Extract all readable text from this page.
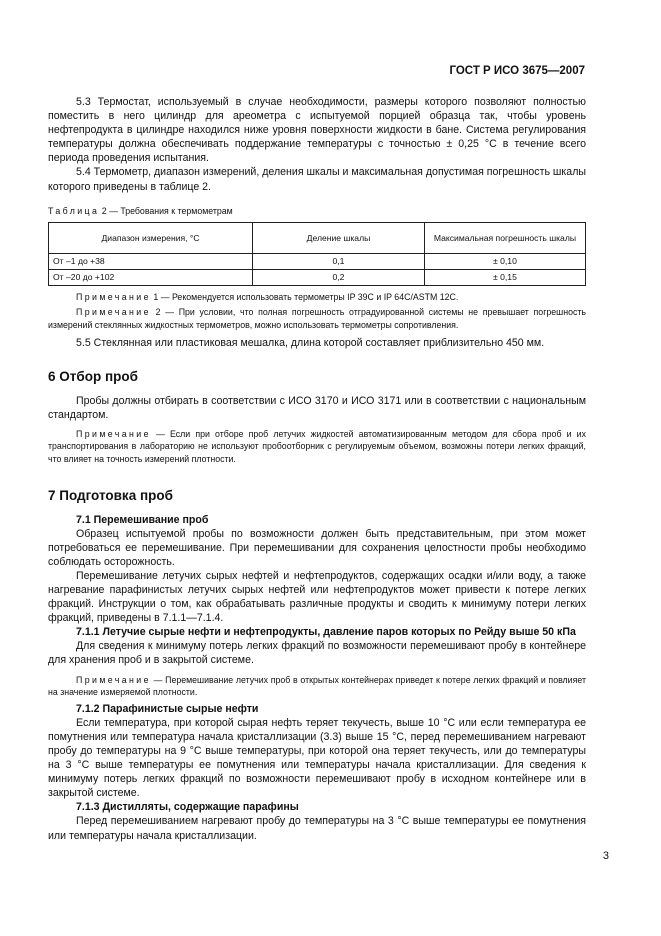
ГОСТ Р ИСО 3675—2007

5.3 Термостат, используемый в случае необходимости, размеры которого позволяют полностью поместить в него цилиндр для ареометра с испытуемой порцией образца так, чтобы уровень нефтепродукта в цилиндре находился ниже уровня поверхности жидкости в бане. Система регулирования температуры должна обеспечивать поддержание температуры с точностью ± 0,25 °С в течение всего периода проведения испытания.

5.4 Термометр, диапазон измерений, деления шкалы и максимальная допустимая погрешность шкалы которого приведены в таблице 2.

Таблица 2 — Требования к термометрам
Диапазон измерения, °С	Деление шкалы	Максимальная погрешность шкалы
От –1 до +38	0,1	± 0,10
От –20 до +102	0,2	± 0,15

Примечание 1 — Рекомендуется использовать термометры IP 39C и IP 64C/ASTM 12C.

Примечание 2 — При условии, что полная погрешность отградуированной системы не превышает погрешность измерений стеклянных жидкостных термометров, можно использовать термометры сопротивления.

5.5 Стеклянная или пластиковая мешалка, длина которой составляет приблизительно 450 мм.

6 Отбор проб

Пробы должны отбирать в соответствии с ИСО 3170 и ИСО 3171 или в соответствии с национальным стандартом.

Примечание — Если при отборе проб летучих жидкостей автоматизированным методом для сбора проб и их транспортирования в лабораторию не используют пробоотборник с регулируемым объемом, возможны потери легких фракций, что влияет на точность измерений плотности.

7 Подготовка проб

7.1 Перемешивание проб

Образец испытуемой пробы по возможности должен быть представительным, при этом может потребоваться ее перемешивание. При перемешивании для сохранения целостности пробы необходимо соблюдать осторожность.

Перемешивание летучих сырых нефтей и нефтепродуктов, содержащих осадки и/или воду, а также нагревание парафинистых летучих сырых нефтей или нефтепродуктов может привести к потере легких фракций. Инструкции о том, как обрабатывать различные продукты и сводить к минимуму потери легких фракций, приведены в 7.1.1—7.1.4.

7.1.1 Летучие сырые нефти и нефтепродукты, давление паров которых по Рейду выше 50 кПа

Для сведения к минимуму потерь легких фракций по возможности перемешивают пробу в контейнере для хранения проб и в закрытой системе.

Примечание — Перемешивание летучих проб в открытых контейнерах приведет к потере легких фракций и повлияет на значение измеряемой плотности.

7.1.2 Парафинистые сырые нефти

Если температура, при которой сырая нефть теряет текучесть, выше 10 °С или если температура ее помутнения или температура начала кристаллизации (3.3) выше 15 °С, перед перемешиванием нагревают пробу до температуры на 9 °С выше температуры, при которой она теряет текучесть, или до температуры на 3 °С выше температуры ее помутнения или температуры начала кристаллизации. Для сведения к минимуму потерь легких фракций по возможности перемешивают пробу в исходном контейнере или в закрытой системе.

7.1.3 Дистилляты, содержащие парафины

Перед перемешиванием нагревают пробу до температуры на 3 °С выше температуры ее помутнения или температуры начала кристаллизации.

3
